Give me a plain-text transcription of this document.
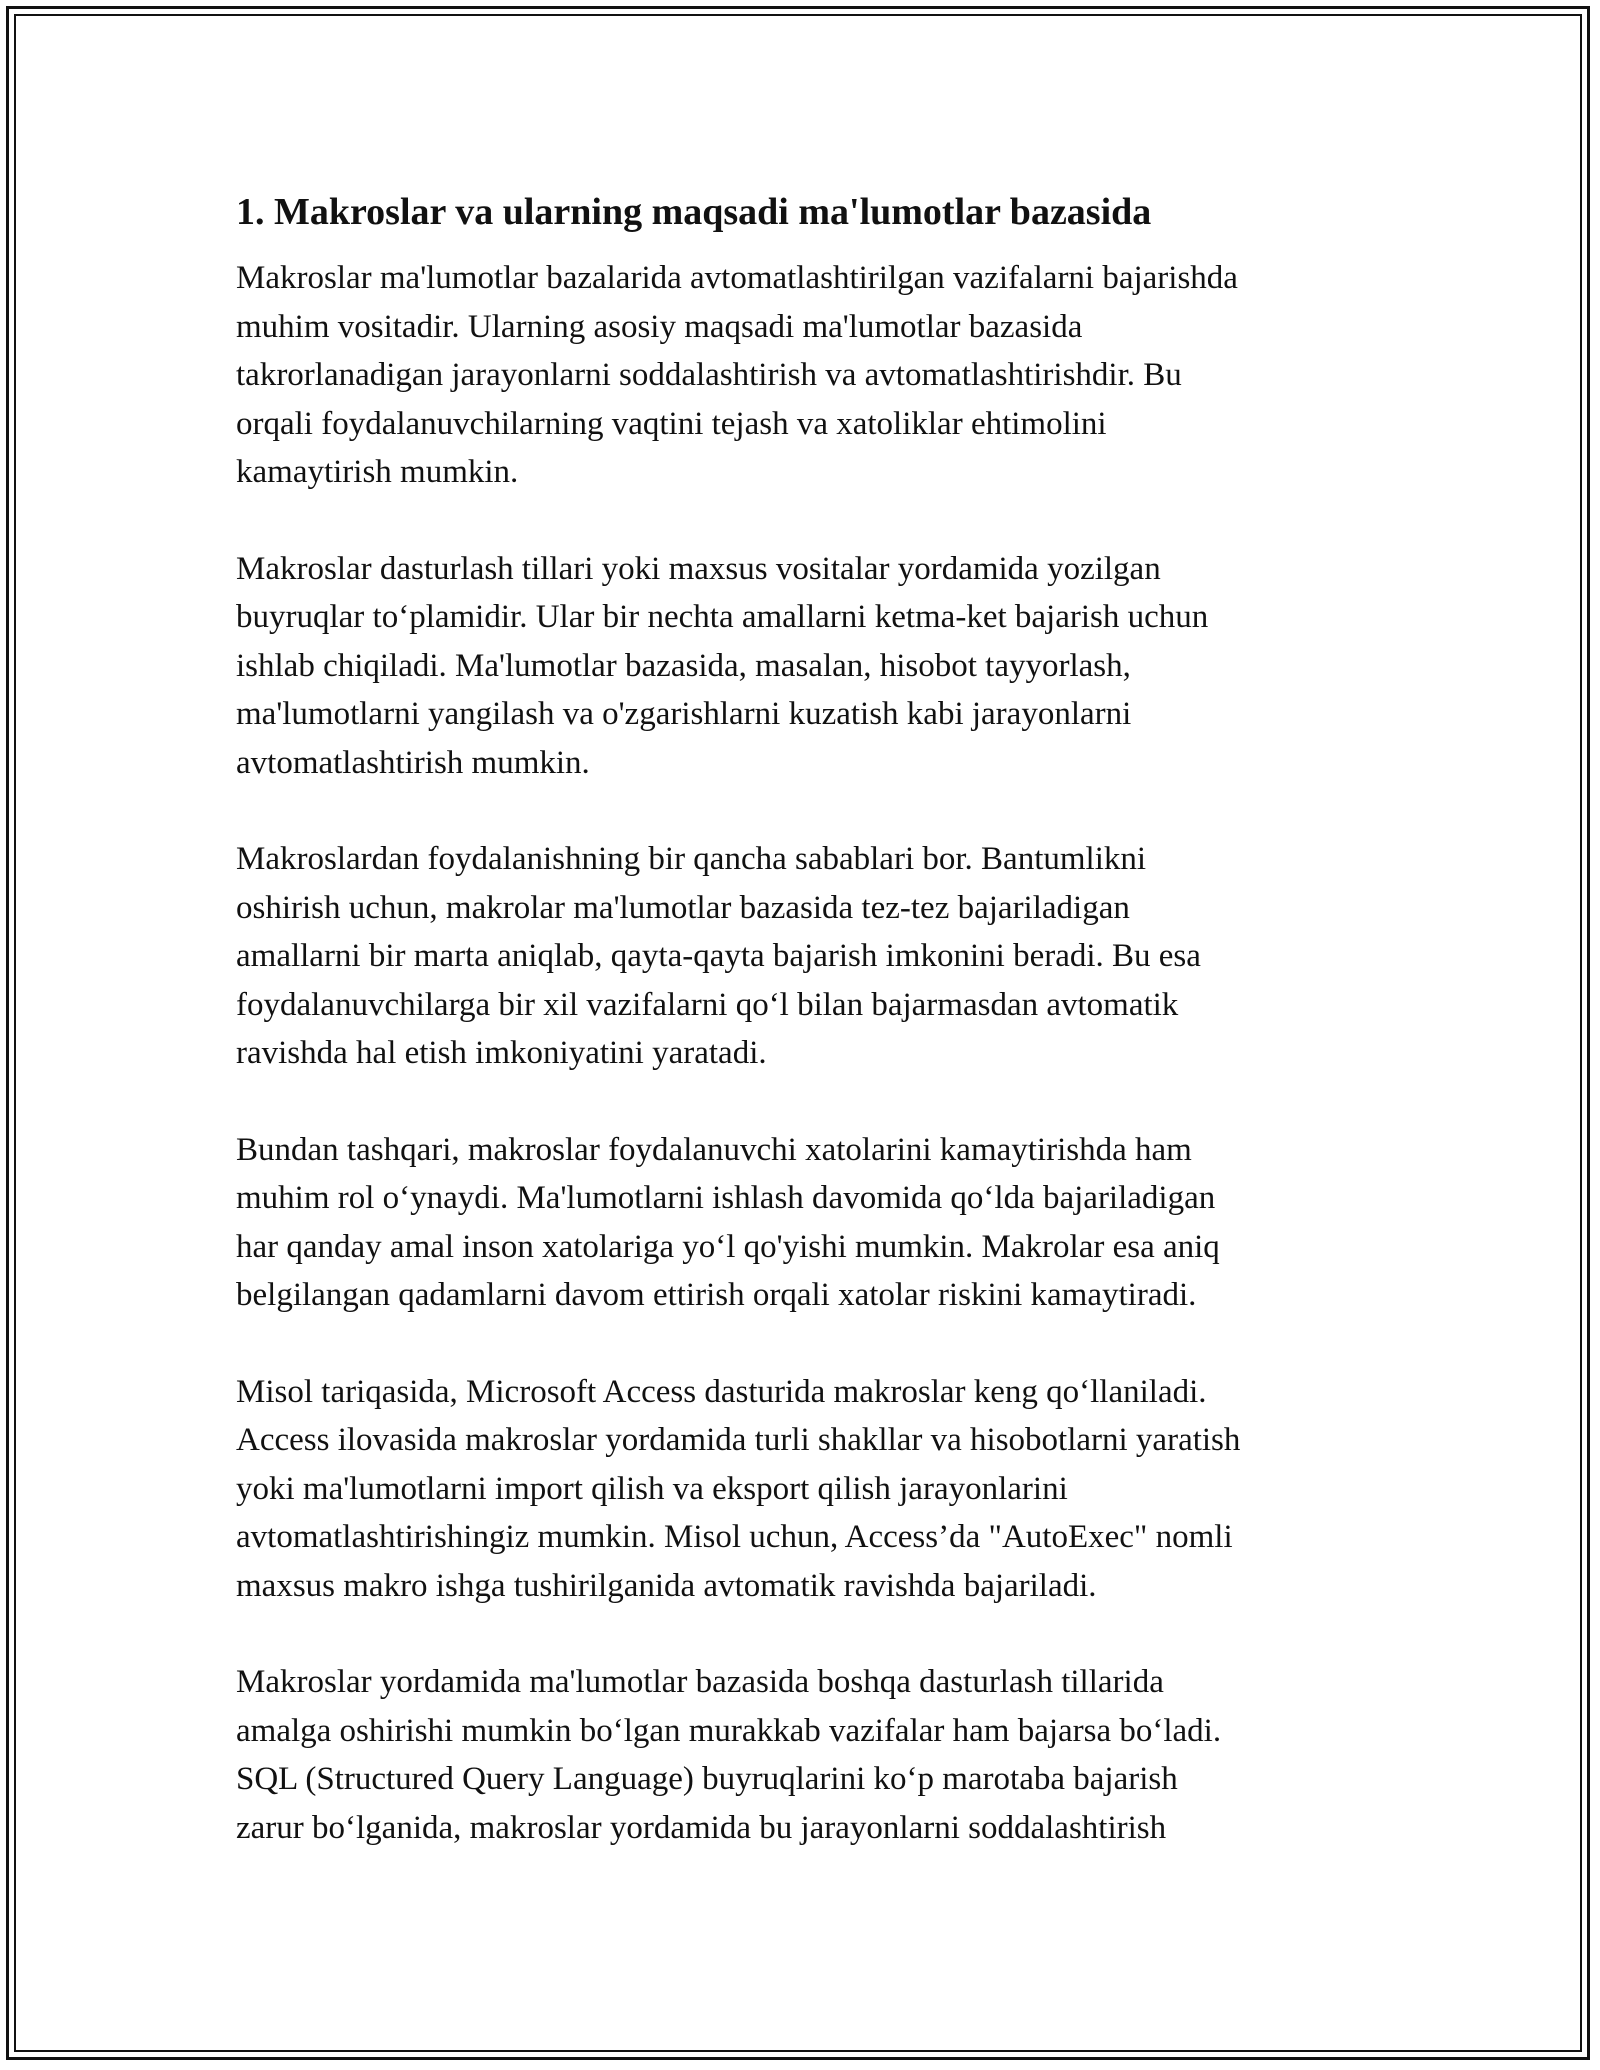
1. Makroslar va ularning maqsadi ma'lumotlar bazasida

Makroslar ma'lumotlar bazalarida avtomatlashtirilgan vazifalarni bajarishda
muhim vositadir. Ularning asosiy maqsadi ma'lumotlar bazasida
takrorlanadigan jarayonlarni soddalashtirish va avtomatlashtirishdir. Bu
orqali foydalanuvchilarning vaqtini tejash va xatoliklar ehtimolini
kamaytirish mumkin.

Makroslar dasturlash tillari yoki maxsus vositalar yordamida yozilgan
buyruqlar to‘plamidir. Ular bir nechta amallarni ketma-ket bajarish uchun
ishlab chiqiladi. Ma'lumotlar bazasida, masalan, hisobot tayyorlash,
ma'lumotlarni yangilash va o'zgarishlarni kuzatish kabi jarayonlarni
avtomatlashtirish mumkin.

Makroslardan foydalanishning bir qancha sabablari bor. Bantumlikni
oshirish uchun, makrolar ma'lumotlar bazasida tez-tez bajariladigan
amallarni bir marta aniqlab, qayta-qayta bajarish imkonini beradi. Bu esa
foydalanuvchilarga bir xil vazifalarni qo‘l bilan bajarmasdan avtomatik
ravishda hal etish imkoniyatini yaratadi.

Bundan tashqari, makroslar foydalanuvchi xatolarini kamaytirishda ham
muhim rol o‘ynaydi. Ma'lumotlarni ishlash davomida qo‘lda bajariladigan
har qanday amal inson xatolariga yo‘l qo'yishi mumkin. Makrolar esa aniq
belgilangan qadamlarni davom ettirish orqali xatolar riskini kamaytiradi.

Misol tariqasida, Microsoft Access dasturida makroslar keng qo‘llaniladi.
Access ilovasida makroslar yordamida turli shakllar va hisobotlarni yaratish
yoki ma'lumotlarni import qilish va eksport qilish jarayonlarini
avtomatlashtirishingiz mumkin. Misol uchun, Access’da "AutoExec" nomli
maxsus makro ishga tushirilganida avtomatik ravishda bajariladi.

Makroslar yordamida ma'lumotlar bazasida boshqa dasturlash tillarida
amalga oshirishi mumkin bo‘lgan murakkab vazifalar ham bajarsa bo‘ladi.
SQL (Structured Query Language) buyruqlarini ko‘p marotaba bajarish
zarur bo‘lganida, makroslar yordamida bu jarayonlarni soddalashtirish
